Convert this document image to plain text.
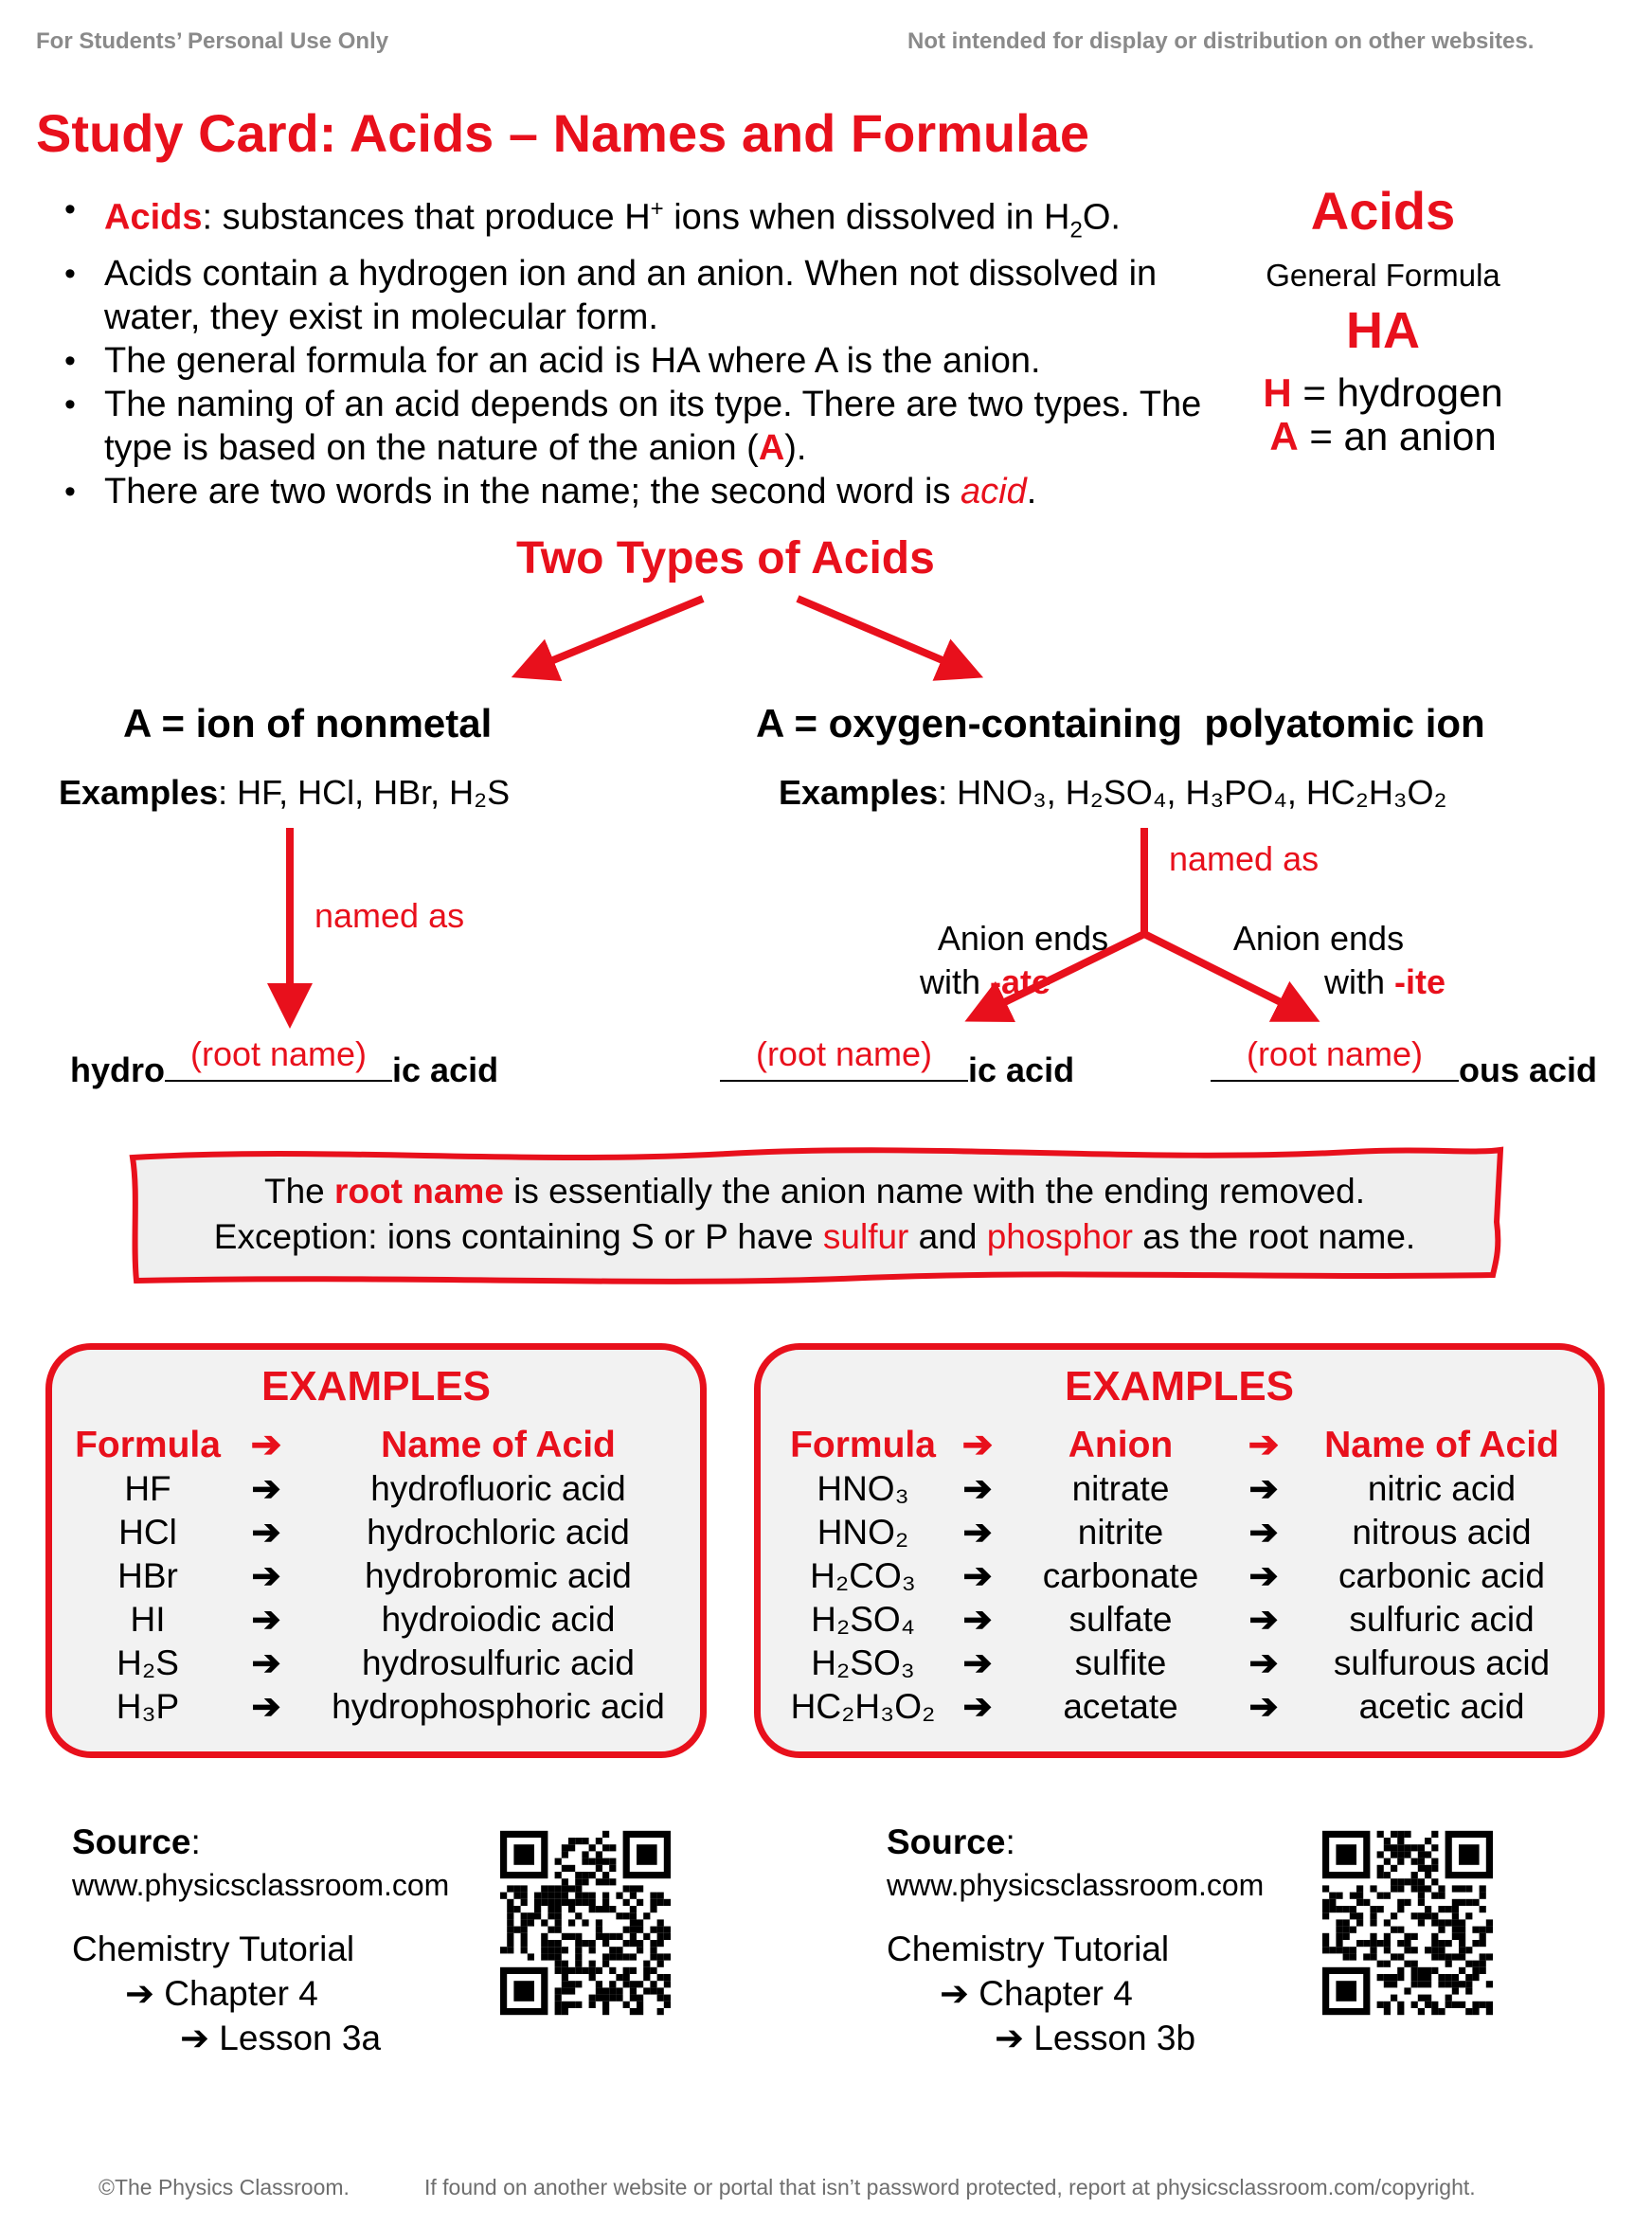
For Students’ Personal Use Only	Not intended for display or distribution on other websites.
Study Card: Acids – Names and Formulae
• Acids: substances that produce H+ ions when dissolved in $H_2O$.
• Acids contain a hydrogen ion and an anion. When not dissolved in water, they exist in molecular form.
• The general formula for an acid is HA where A is the anion.
• The naming of an acid depends on its type. There are two types. The type is based on the nature of the anion (A).
• There are two words in the name; the second word is acid.
Acids
General Formula
HA
H = hydrogen
A = an anion
Two Types of Acids
A = ion of nonmetal	A = oxygen-containing  polyatomic ion
Examples: HF, HCl, HBr, H₂S	Examples: HNO₃, H₂SO₄, H₃PO₄, HC₂H₃O₂
named as
named as
Anion ends
with -ate
Anion ends
with -ite
hydro (root name) ic acid	(root name)	ic acid	(root name)	ous acid
The root name is essentially the anion name with the ending removed.
Exception: ions containing S or P have sulfur and phosphor as the root name.
EXAMPLES
Formula	➔	Name of Acid
HF	➔	hydrofluoric acid
HCl	➔	hydrochloric acid
HBr	➔	hydrobromic acid
HI	➔	hydroiodic acid
H₂S	➔	hydrosulfuric acid
H₃P	➔	hydrophosphoric acid
EXAMPLES
Formula	➔	Anion	➔	Name of Acid
HNO₃	➔	nitrate	➔	nitric acid
HNO₂	➔	nitrite	➔	nitrous acid
H₂CO₃	➔	carbonate	➔	carbonic acid
H₂SO₄	➔	sulfate	➔	sulfuric acid
H₂SO₃	➔	sulfite	➔	sulfurous acid
HC₂H₃O₂	➔	acetate	➔	acetic acid
Source:
www.physicsclassroom.com
Chemistry Tutorial
➔ Chapter 4
➔ Lesson 3a
Source:
www.physicsclassroom.com
Chemistry Tutorial
➔ Chapter 4
➔ Lesson 3b
©The Physics Classroom.	If found on another website or portal that isn’t password protected, report at physicsclassroom.com/copyright.
